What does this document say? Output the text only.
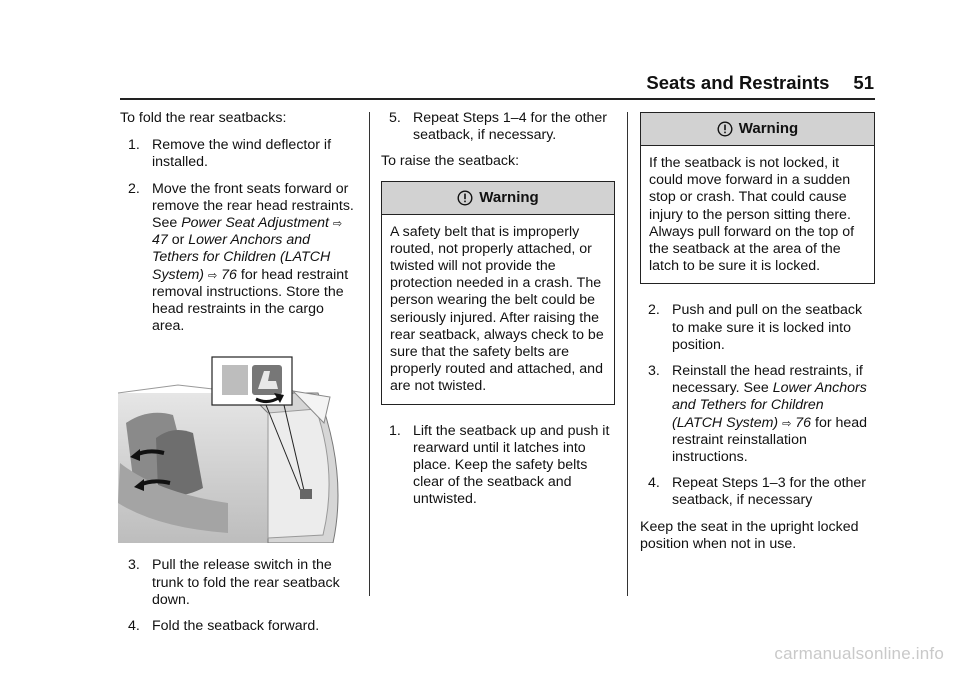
Seats and Restraints 51

To fold the rear seatbacks:

1. Remove the wind deflector if installed.
2. Move the front seats forward or remove the rear head restraints. See Power Seat Adjustment ⇨ 47 or Lower Anchors and Tethers for Children (LATCH System) ⇨ 76 for head restraint removal instructions. Store the head restraints in the cargo area.
3. Pull the release switch in the trunk to fold the rear seatback down.
4. Fold the seatback forward.
5. Repeat Steps 1–4 for the other seatback, if necessary.

To raise the seatback:

Warning
A safety belt that is improperly routed, not properly attached, or twisted will not provide the protection needed in a crash. The person wearing the belt could be seriously injured. After raising the rear seatback, always check to be sure that the safety belts are properly routed and attached, and are not twisted.
1. Lift the seatback up and push it rearward until it latches into place. Keep the safety belts clear of the seatback and untwisted.
Warning
If the seatback is not locked, it could move forward in a sudden stop or crash. That could cause injury to the person sitting there. Always pull forward on the top of the seatback at the area of the latch to be sure it is locked.
2. Push and pull on the seatback to make sure it is locked into position.
3. Reinstall the head restraints, if necessary. See Lower Anchors and Tethers for Children (LATCH System) ⇨ 76 for head restraint reinstallation instructions.
4. Repeat Steps 1–3 for the other seatback, if necessary

Keep the seat in the upright locked position when not in use.

carmanualsonline.info
